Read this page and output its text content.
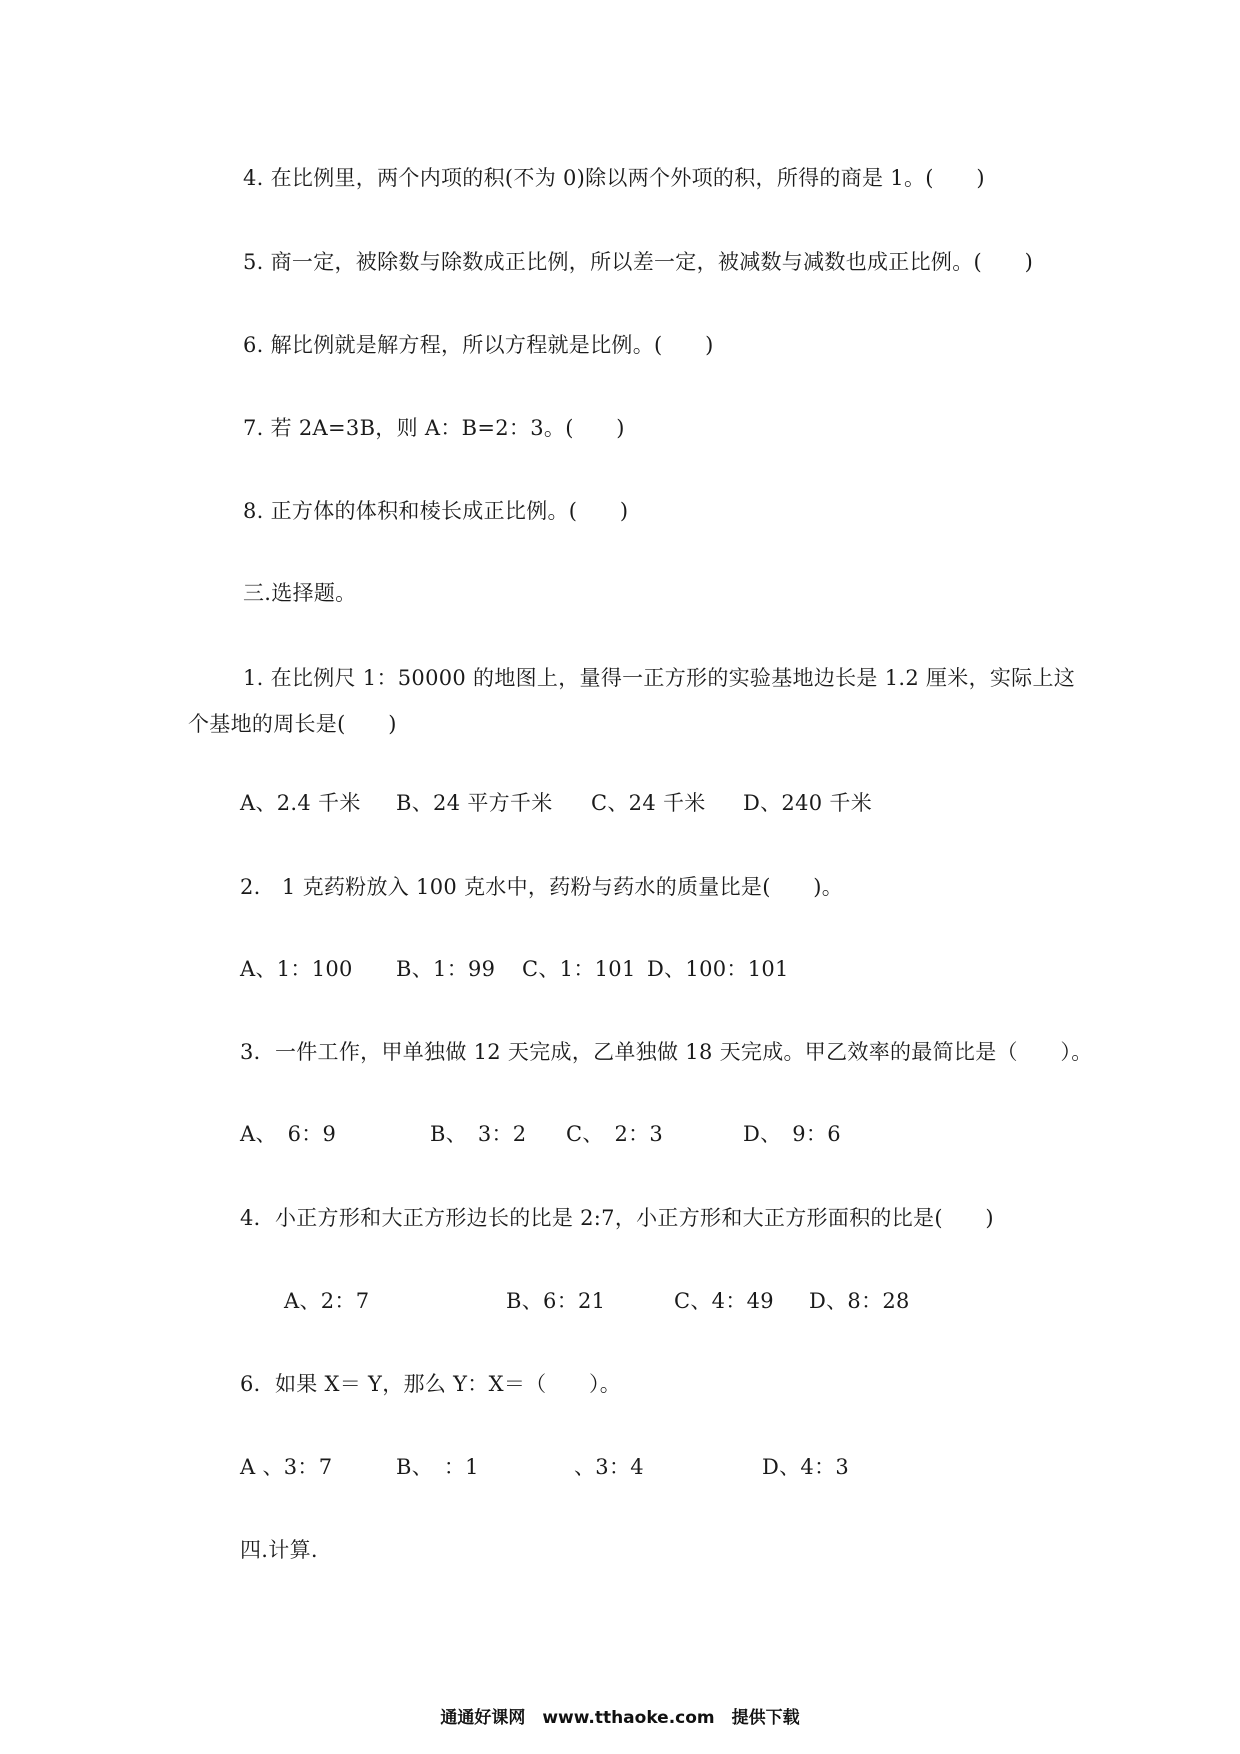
4. 在比例里，两个内项的积(不为 0)除以两个外项的积，所得的商是 1。(　　)
5. 商一定，被除数与除数成正比例，所以差一定，被减数与减数也成正比例。(　　)
6. 解比例就是解方程，所以方程就是比例。(　　)
7. 若 2A=3B，则 A：B=2：3。(　　)
8. 正方体的体积和棱长成正比例。(　　)
三.选择题。
1. 在比例尺 1：50000 的地图上，量得一正方形的实验基地边长是 1.2 厘米，实际上这
个基地的周长是(　　)
A、2.4 千米 B、24 平方千米 C、24 千米 D、240 千米
2.　1 克药粉放入 100 克水中，药粉与药水的质量比是(　　)。
A、1：100 B、1：99 C、1：101 D、100：101
3．一件工作，甲单独做 12 天完成，乙单独做 18 天完成。甲乙效率的最简比是（　　）。
A、　6：9	B、　3：2 C、　2：3	D、　9：6
4．小正方形和大正方形边长的比是 2:7，小正方形和大正方形面积的比是(　　)
A、2：7	B、6：21	C、4：49 D、8：28
6．如果 X＝ Y，那么 Y：X＝（　　）。
A 、3：7	B、　：1	、3：4	D、4：3
四.计算.
通通好课网　www.tthaoke.com　提供下载
